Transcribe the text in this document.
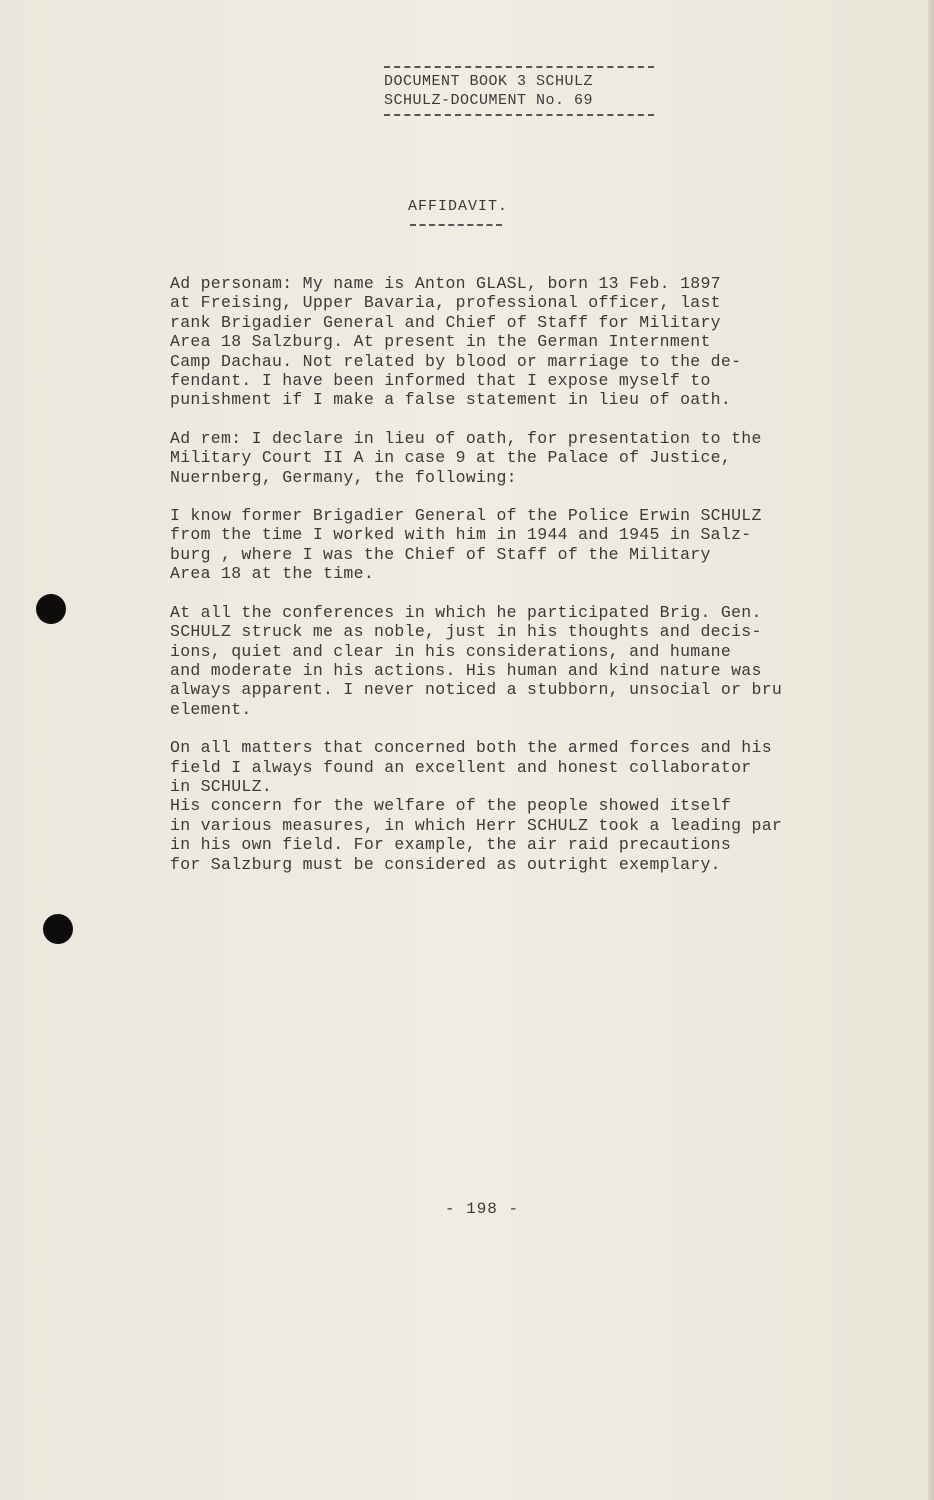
DOCUMENT BOOK 3 SCHULZ
SCHULZ-DOCUMENT No. 69
AFFIDAVIT.
Ad personam: My name is Anton GLASL, born 13 Feb. 1897
at Freising, Upper Bavaria, professional officer, last
rank Brigadier General and Chief of Staff for Military
Area 18 Salzburg. At present in the German Internment
Camp Dachau. Not related by blood or marriage to the de-
fendant. I have been informed that I expose myself to
punishment if I make a false statement in lieu of oath.
Ad rem: I declare in lieu of oath, for presentation to the
Military Court II A in case 9 at the Palace of Justice,
Nuernberg, Germany, the following:
I know former Brigadier General of the Police Erwin SCHULZ
from the time I worked with him in 1944 and 1945 in Salz-
burg , where I was the Chief of Staff of the Military
Area 18 at the time.
At all the conferences in which he participated Brig. Gen.
SCHULZ struck me as noble, just in his thoughts and decis-
ions, quiet and clear in his considerations, and humane
and moderate in his actions. His human and kind nature was
always apparent. I never noticed a stubborn, unsocial or bru
element.
On all matters that concerned both the armed forces and his
field I always found an excellent and honest collaborator
in SCHULZ.
His concern for the welfare of the people showed itself
in various measures, in which Herr SCHULZ took a leading par
in his own field. For example, the air raid precautions
for Salzburg must be considered as outright exemplary.
- 198 -
